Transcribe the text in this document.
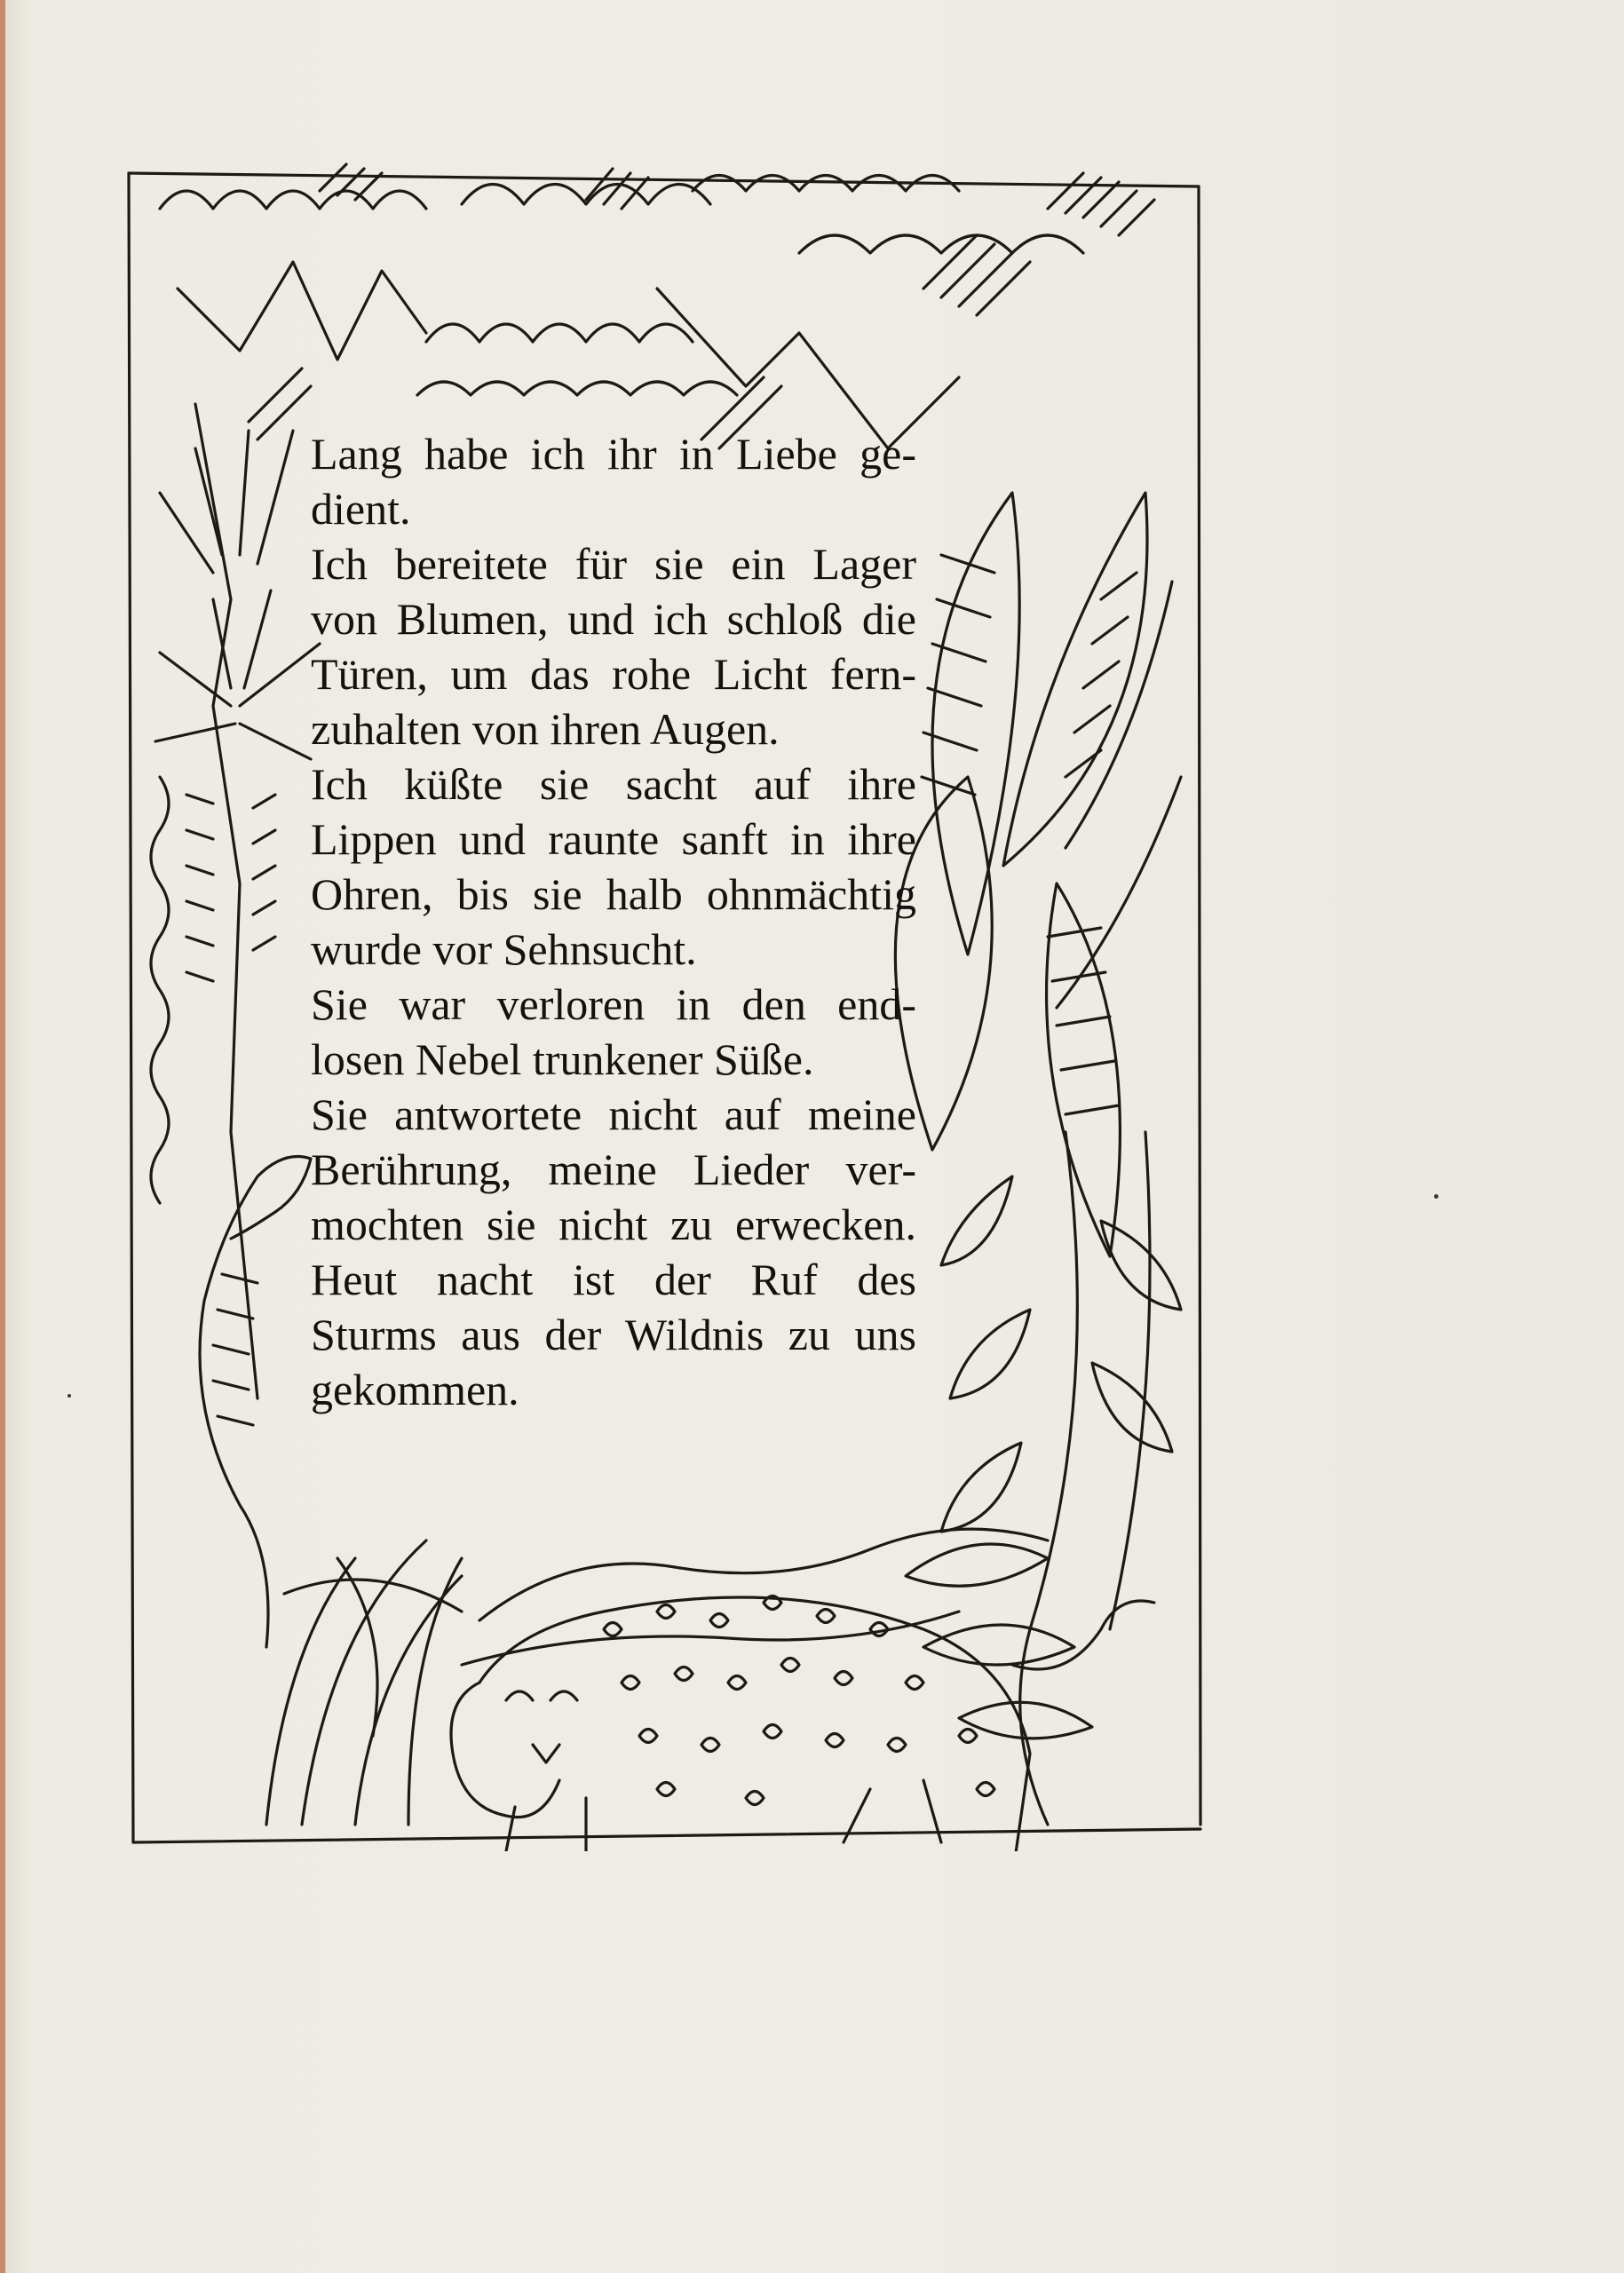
Lang habe ich ihr in Liebe ge-
dient.
Ich bereitete für sie ein Lager
von Blumen, und ich schloß die
Türen, um das rohe Licht fern-
zuhalten von ihren Augen.
Ich küßte sie sacht auf ihre
Lippen und raunte sanft in ihre
Ohren, bis sie halb ohnmächtig
wurde vor Sehnsucht.
Sie war verloren in den end-
losen Nebel trunkener Süße.
Sie antwortete nicht auf meine
Berührung, meine Lieder ver-
mochten sie nicht zu erwecken.
Heut nacht ist der Ruf des
Sturms aus der Wildnis zu uns
gekommen.
